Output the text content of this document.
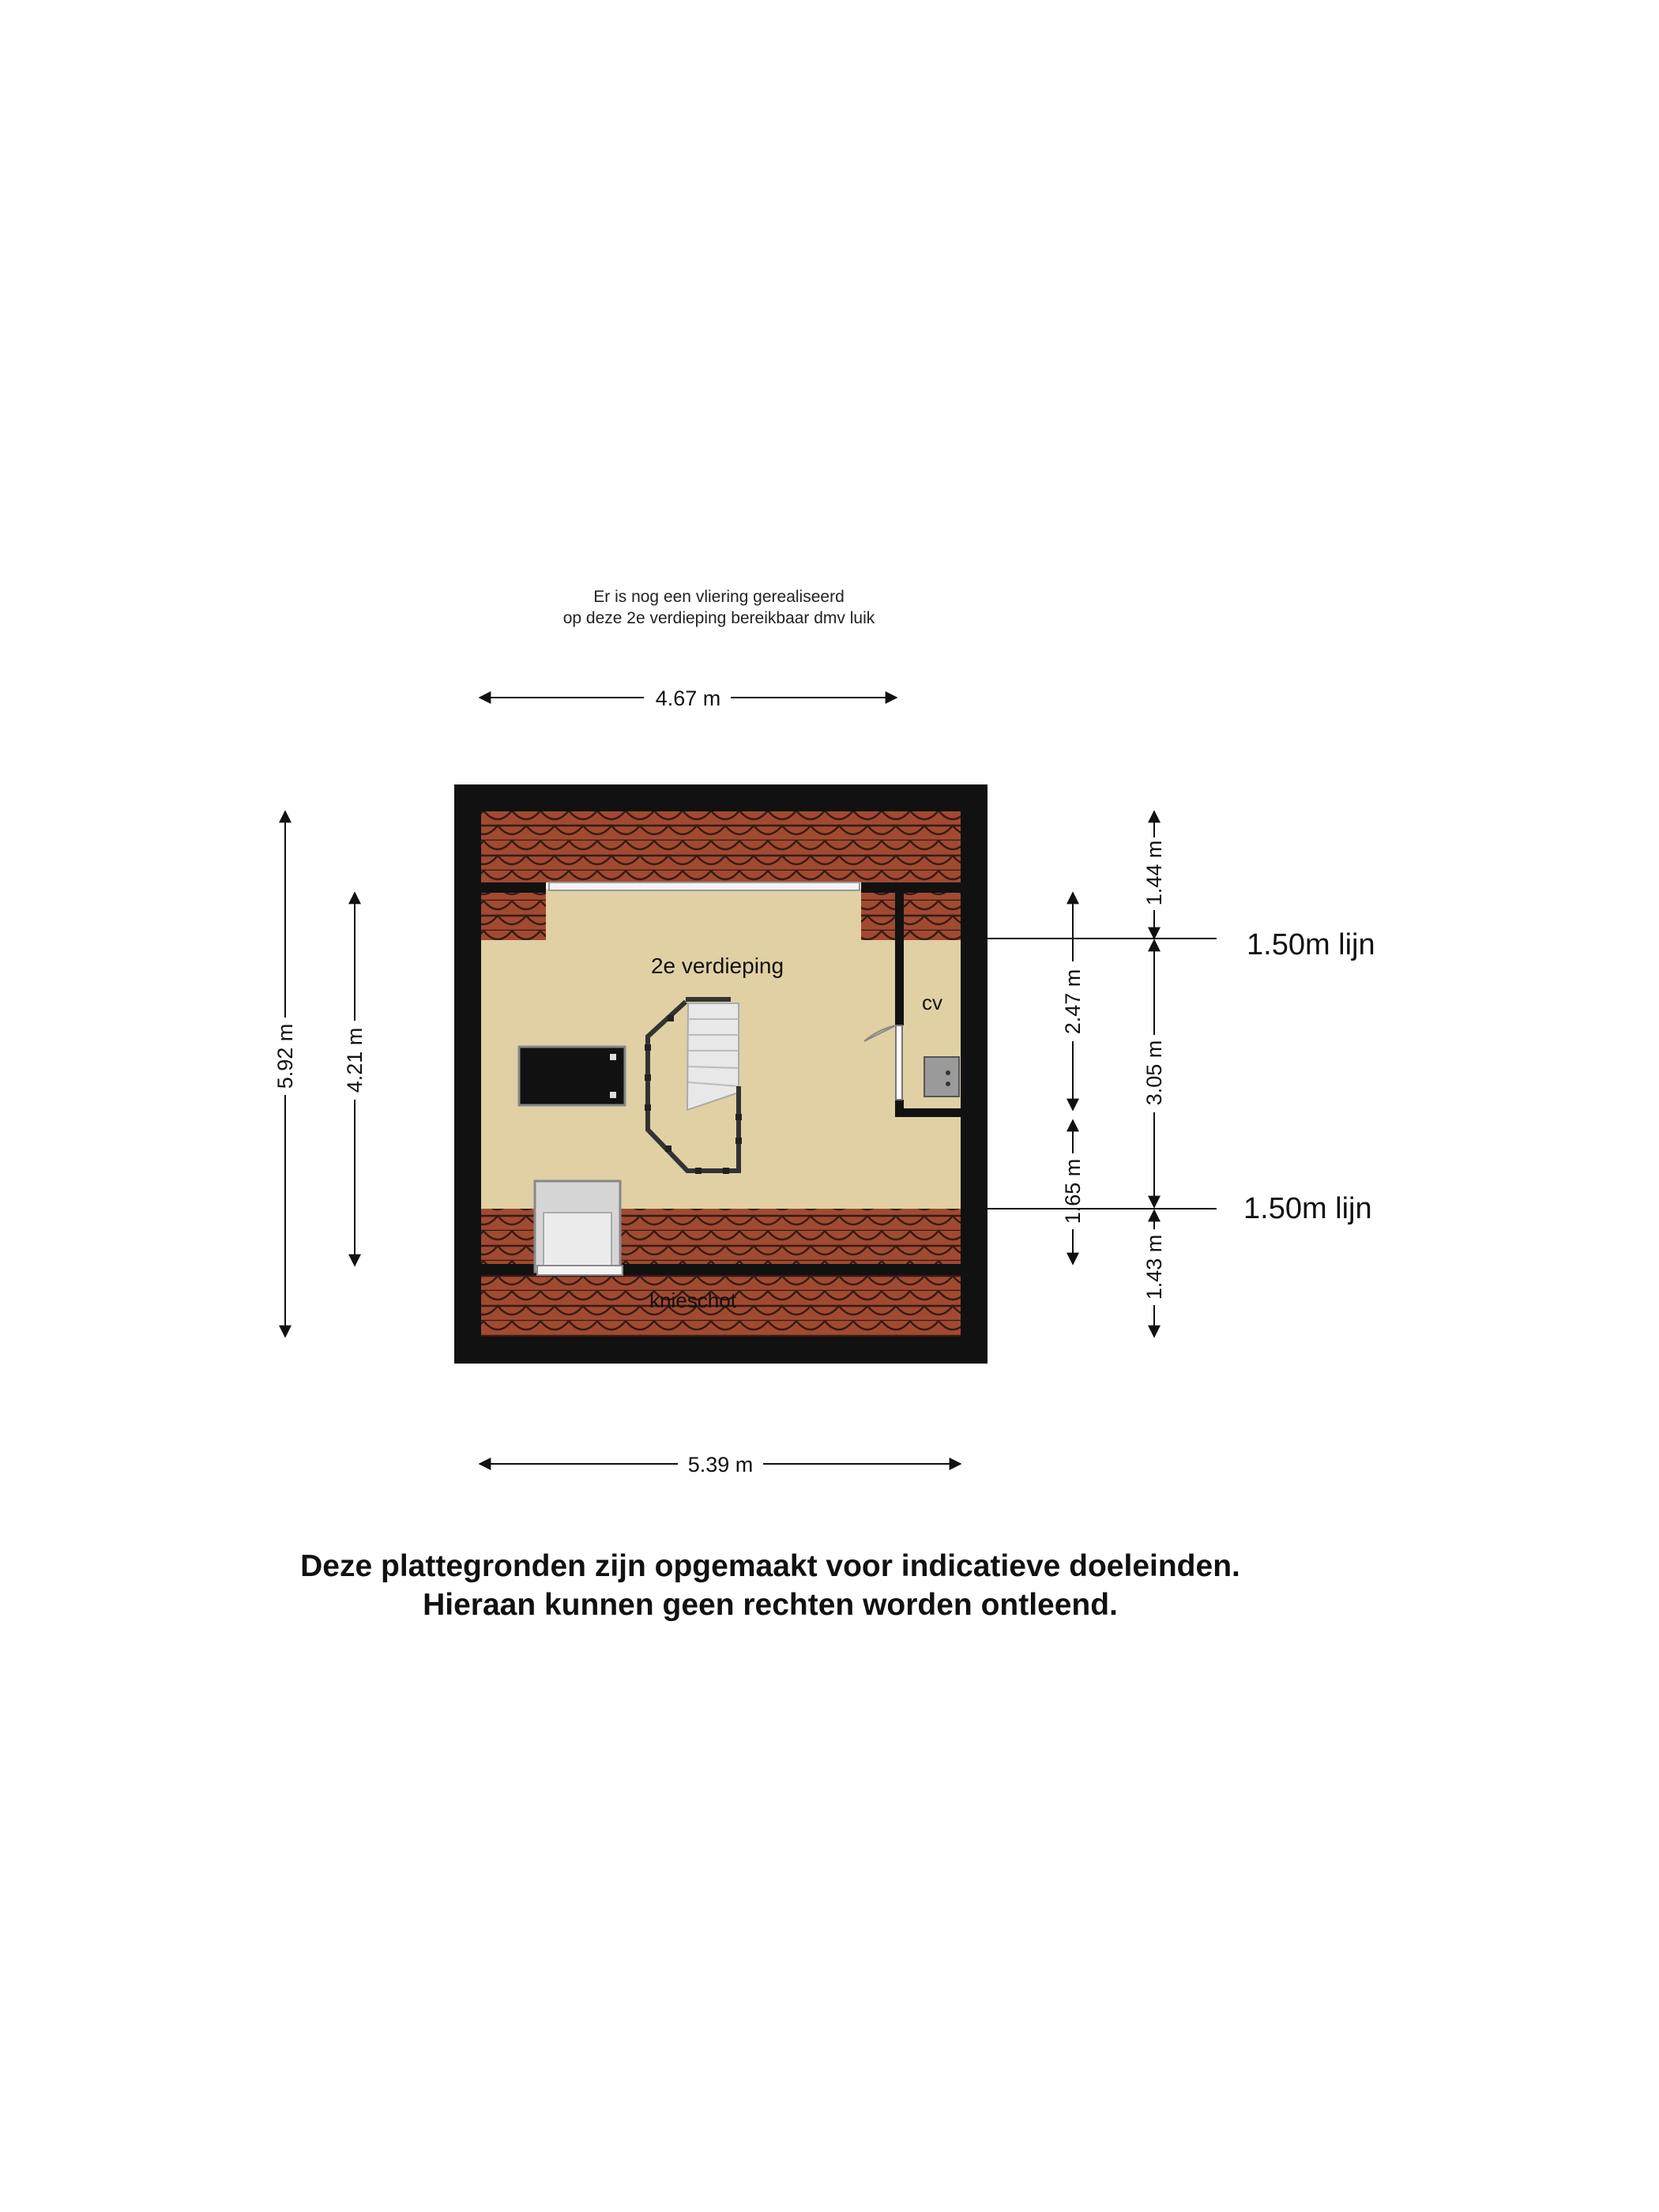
Er is nog een vliering gerealiseerd
op deze 2e verdieping bereikbaar dmv luik
2e verdieping
cv
knieschot
4.67 m
5.39 m
5.92 m 4.21 m
1.50m lijn
1.50m lijn
2.47 m
1.65 m
1.44 m
3.05 m
1.43 m
Deze plattegronden zijn opgemaakt voor indicatieve doeleinden.
Hieraan kunnen geen rechten worden ontleend.
